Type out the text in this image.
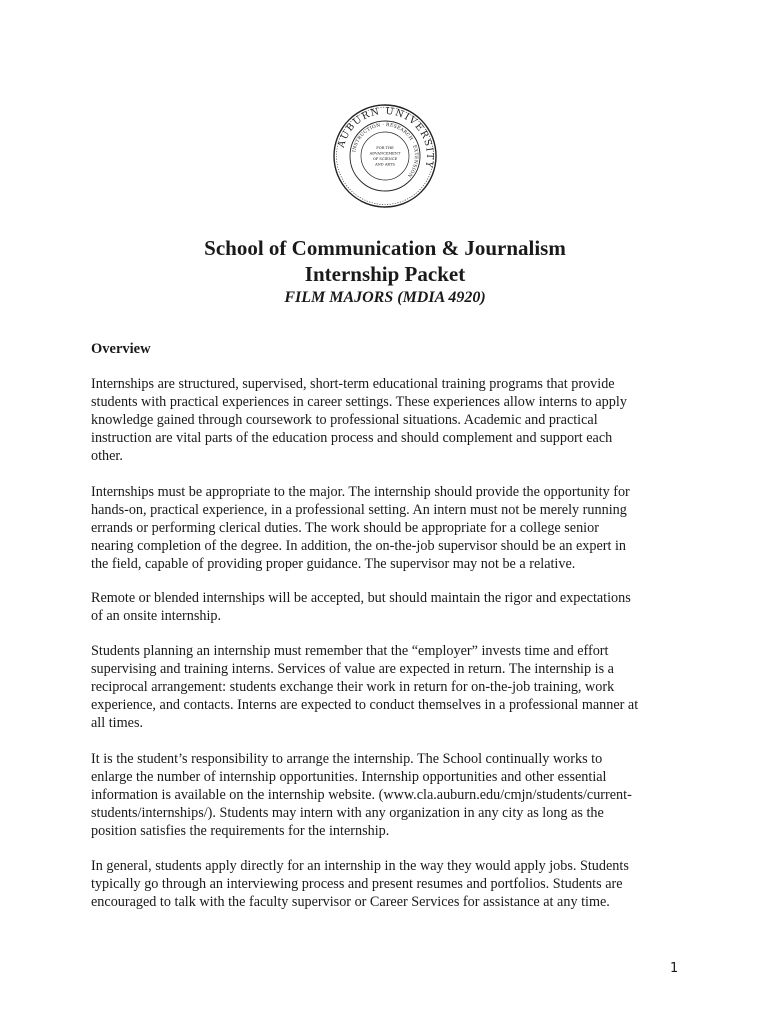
AUBURN UNIVERSITY
INSTRUCTION · RESEARCH · EXTENSION
FOR THE
ADVANCEMENT
OF SCIENCE
AND ARTS
School of Communication & Journalism
Internship Packet
FILM MAJORS (MDIA 4920)
Overview

Internships are structured, supervised, short-term educational training programs that provide
students with practical experiences in career settings. These experiences allow interns to apply
knowledge gained through coursework to professional situations. Academic and practical
instruction are vital parts of the education process and should complement and support each
other.

Internships must be appropriate to the major. The internship should provide the opportunity for
hands-on, practical experience, in a professional setting. An intern must not be merely running
errands or performing clerical duties. The work should be appropriate for a college senior
nearing completion of the degree. In addition, the on-the-job supervisor should be an expert in
the field, capable of providing proper guidance. The supervisor may not be a relative.

Remote or blended internships will be accepted, but should maintain the rigor and expectations
of an onsite internship.

Students planning an internship must remember that the “employer” invests time and effort
supervising and training interns. Services of value are expected in return. The internship is a
reciprocal arrangement: students exchange their work in return for on-the-job training, work
experience, and contacts. Interns are expected to conduct themselves in a professional manner at
all times.

It is the student’s responsibility to arrange the internship. The School continually works to
enlarge the number of internship opportunities. Internship opportunities and other essential
information is available on the internship website. (www.cla.auburn.edu/cmjn/students/current-
students/internships/). Students may intern with any organization in any city as long as the
position satisfies the requirements for the internship.

In general, students apply directly for an internship in the way they would apply jobs. Students
typically go through an interviewing process and present resumes and portfolios. Students are
encouraged to talk with the faculty supervisor or Career Services for assistance at any time.

1
